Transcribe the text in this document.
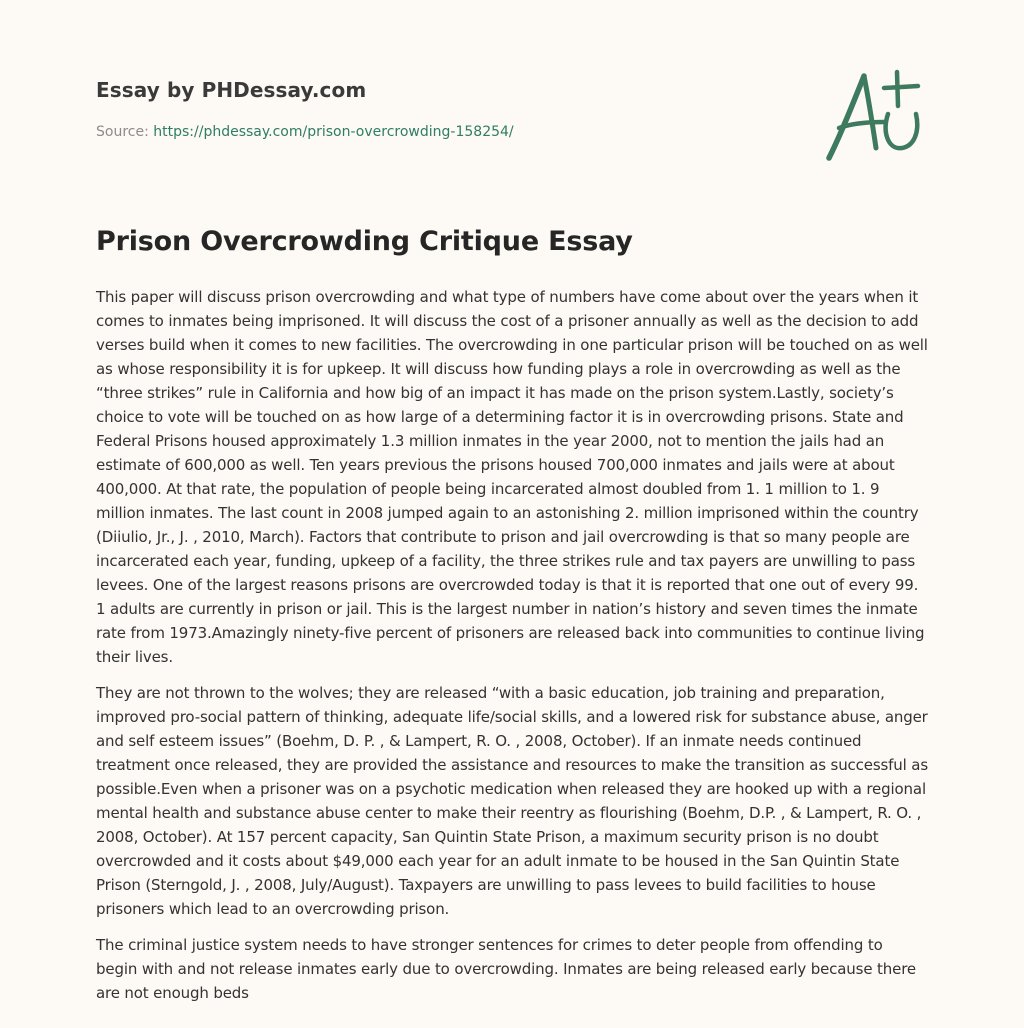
Essay by PHDessay.com
Source: https://phdessay.com/prison-overcrowding-158254/
Prison Overcrowding Critique Essay

This paper will discuss prison overcrowding and what type of numbers have come about over the years when it comes to inmates being imprisoned. It will discuss the cost of a prisoner annually as well as the decision to add verses build when it comes to new facilities. The overcrowding in one particular prison will be touched on as well as whose responsibility it is for upkeep. It will discuss how funding plays a role in overcrowding as well as the “three strikes” rule in California and how big of an impact it has made on the prison system.Lastly, society’s choice to vote will be touched on as how large of a determining factor it is in overcrowding prisons. State and Federal Prisons housed approximately 1.3 million inmates in the year 2000, not to mention the jails had an estimate of 600,000 as well. Ten years previous the prisons housed 700,000 inmates and jails were at about 400,000. At that rate, the population of people being incarcerated almost doubled from 1. 1 million to 1. 9 million inmates. The last count in 2008 jumped again to an astonishing 2. million imprisoned within the country (Diiulio, Jr., J. , 2010, March). Factors that contribute to prison and jail overcrowding is that so many people are incarcerated each year, funding, upkeep of a facility, the three strikes rule and tax payers are unwilling to pass levees. One of the largest reasons prisons are overcrowded today is that it is reported that one out of every 99. 1 adults are currently in prison or jail. This is the largest number in nation’s history and seven times the inmate rate from 1973.Amazingly ninety-five percent of prisoners are released back into communities to continue living their lives.

They are not thrown to the wolves; they are released “with a basic education, job training and preparation, improved pro-social pattern of thinking, adequate life/social skills, and a lowered risk for substance abuse, anger and self esteem issues” (Boehm, D. P. , & Lampert, R. O. , 2008, October). If an inmate needs continued treatment once released, they are provided the assistance and resources to make the transition as successful as possible.Even when a prisoner was on a psychotic medication when released they are hooked up with a regional mental health and substance abuse center to make their reentry as flourishing (Boehm, D.P. , & Lampert, R. O. , 2008, October). At 157 percent capacity, San Quintin State Prison, a maximum security prison is no doubt overcrowded and it costs about $49,000 each year for an adult inmate to be housed in the San Quintin State Prison (Sterngold, J. , 2008, July/August). Taxpayers are unwilling to pass levees to build facilities to house prisoners which lead to an overcrowding prison.

The criminal justice system needs to have stronger sentences for crimes to deter people from offending to begin with and not release inmates early due to overcrowding. Inmates are being released early because there are not enough beds
